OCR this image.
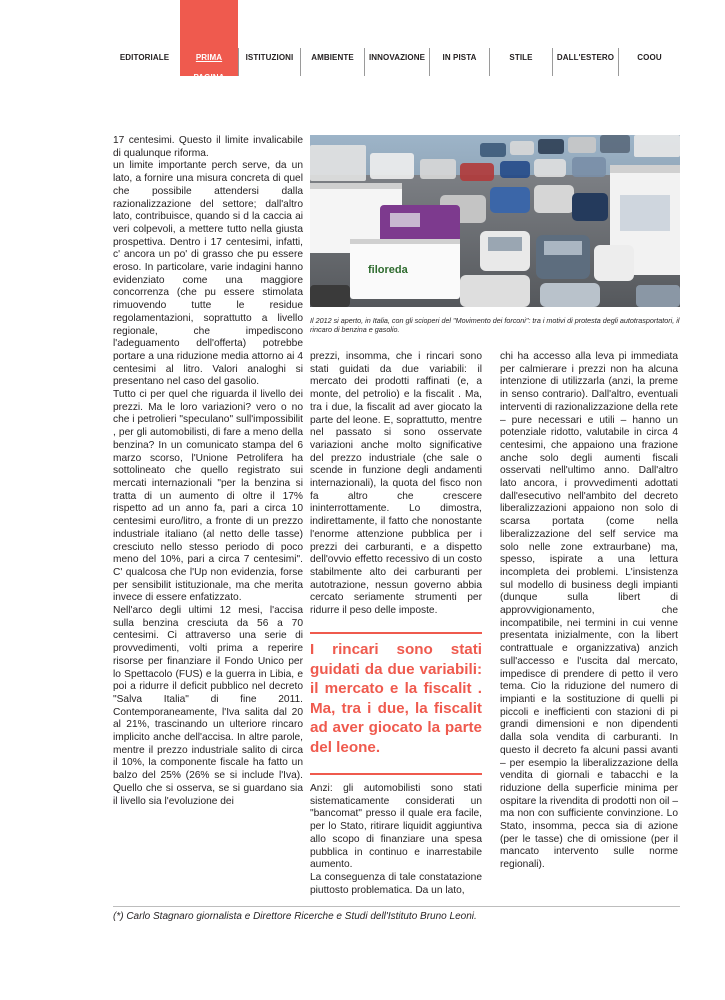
EDITORIALE	PRIMA PAGINA
ISTITUZIONI	AMBIENTE	INNOVAZIONE	IN PISTA	STILE	DALL'ESTERO	COOU

17 centesimi. Questo il limite invalicabile di qualunque riforma.

un limite importante perch serve, da un lato, a fornire una misura concreta di quel che possibile attendersi dalla razionalizzazione del settore; dall'altro lato, contribuisce, quando si d la caccia ai veri colpevoli, a mettere tutto nella giusta prospettiva. Dentro i 17 centesimi, infatti, c' ancora un po' di grasso che pu essere eroso. In particolare, varie indagini hanno evidenziato come una maggiore concorrenza (che pu essere stimolata rimuovendo tutte le residue regolamentazioni, soprattutto a livello regionale, che impediscono l'adeguamento dell'offerta) potrebbe portare a una riduzione media attorno ai 4 centesimi al litro. Valori analoghi si presentano nel caso del gasolio.

Tutto ci per quel che riguarda il livello dei prezzi. Ma le loro variazioni? vero o no che i petrolieri "speculano" sull'impossibilit , per gli automobilisti, di fare a meno della benzina? In un comunicato stampa del 6 marzo scorso, l'Unione Petrolifera ha sottolineato che quello registrato sui mercati internazionali "per la benzina si tratta di un aumento di oltre il 17% rispetto ad un anno fa, pari a circa 10 centesimi euro/litro, a fronte di un prezzo industriale italiano (al netto delle tasse) cresciuto nello stesso periodo di poco meno del 10%, pari a circa 7 centesimi". C' qualcosa che l'Up non evidenzia, forse per sensibilit istituzionale, ma che merita invece di essere enfatizzato.

Nell'arco degli ultimi 12 mesi, l'accisa sulla benzina cresciuta da 56 a 70 centesimi. Ci attraverso una serie di provvedimenti, volti prima a reperire risorse per finanziare il Fondo Unico per lo Spettacolo (FUS) e la guerra in Libia, e poi a ridurre il deficit pubblico nel decreto "Salva Italia" di fine 2011. Contemporaneamente, l'Iva salita dal 20 al 21%, trascinando un ulteriore rincaro implicito anche dell'accisa. In altre parole, mentre il prezzo industriale salito di circa il 10%, la componente fiscale ha fatto un balzo del 25% (26% se si include l'Iva). Quello che si osserva, se si guardano sia il livello sia l'evoluzione dei

filoreda
Il 2012 si aperto, in Italia, con gli scioperi del "Movimento dei forconi": tra i motivi di protesta degli autotrasportatori, il rincaro di benzina e gasolio.

prezzi, insomma, che i rincari sono stati guidati da due variabili: il mercato dei prodotti raffinati (e, a monte, del petrolio) e la fiscalit . Ma, tra i due, la fiscalit ad aver giocato la parte del leone. E, soprattutto, mentre nel passato si sono osservate variazioni anche molto significative del prezzo industriale (che sale o scende in funzione degli andamenti internazionali), la quota del fisco non fa altro che crescere ininterrottamente. Lo dimostra, indirettamente, il fatto che nonostante l'enorme attenzione pubblica per i prezzi dei carburanti, e a dispetto dell'ovvio effetto recessivo di un costo stabilmente alto dei carburanti per autotrazione, nessun governo abbia cercato seriamente strumenti per ridurre il peso delle imposte.

I rincari sono stati guidati da due variabili: il mercato e la fiscalit . Ma, tra i due, la fiscalit ad aver giocato la parte del leone.

Anzi: gli automobilisti sono stati sistematicamente considerati un "bancomat" presso il quale era facile, per lo Stato, ritirare liquidit aggiuntiva allo scopo di finanziare una spesa pubblica in continuo e inarrestabile aumento.

La conseguenza di tale constatazione piuttosto problematica. Da un lato,

chi ha accesso alla leva pi immediata per calmierare i prezzi non ha alcuna intenzione di utilizzarla (anzi, la preme in senso contrario). Dall'altro, eventuali interventi di razionalizzazione della rete – pure necessari e utili – hanno un potenziale ridotto, valutabile in circa 4 centesimi, che appaiono una frazione anche solo degli aumenti fiscali osservati nell'ultimo anno. Dall'altro lato ancora, i provvedimenti adottati dall'esecutivo nell'ambito del decreto liberalizzazioni appaiono non solo di scarsa portata (come nella liberalizzazione del self service ma solo nelle zone extraurbane) ma, spesso, ispirate a una lettura incompleta dei problemi. L'insistenza sul modello di business degli impianti (dunque sulla libert di approvvigionamento, che incompatibile, nei termini in cui venne presentata inizialmente, con la libert contrattuale e organizzativa) anzich sull'accesso e l'uscita dal mercato, impedisce di prendere di petto il vero tema. Cio la riduzione del numero di impianti e la sostituzione di quelli pi piccoli e inefficienti con stazioni di pi grandi dimensioni e non dipendenti dalla sola vendita di carburanti. In questo il decreto fa alcuni passi avanti – per esempio la liberalizzazione della vendita di giornali e tabacchi e la riduzione della superficie minima per ospitare la rivendita di prodotti non oil – ma non con sufficiente convinzione. Lo Stato, insomma, pecca sia di azione (per le tasse) che di omissione (per il mancato intervento sulle norme regionali).

(*) Carlo Stagnaro giornalista e Direttore Ricerche e Studi dell'Istituto Bruno Leoni.
